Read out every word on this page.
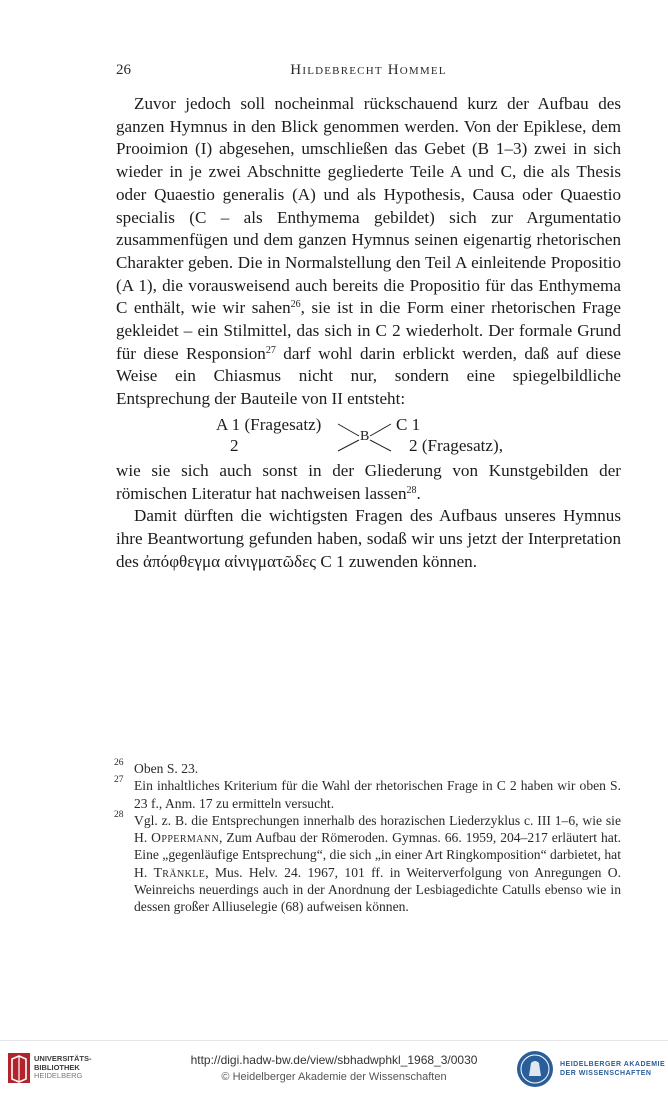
26	Hildebrecht Hommel

Zuvor jedoch soll nocheinmal rückschauend kurz der Aufbau des ganzen Hymnus in den Blick genommen werden. Von der Epiklese, dem Prooimion (I) abgesehen, umschließen das Gebet (B 1–3) zwei in sich wieder in je zwei Abschnitte gegliederte Teile A und C, die als Thesis oder Quaestio generalis (A) und als Hypothesis, Causa oder Quaestio specialis (C – als Enthymema gebildet) sich zur Argumentatio zusammenfügen und dem ganzen Hymnus seinen eigenartig rhetorischen Charakter geben. Die in Normalstellung den Teil A einleitende Propositio (A 1), die vorausweisend auch bereits die Propositio für das Enthymema C enthält, wie wir sahen$^{26}$, sie ist in die Form einer rhetorischen Frage gekleidet – ein Stilmittel, das sich in C 2 wiederholt. Der formale Grund für diese Responsion$^{27}$ darf wohl darin erblickt werden, daß auf diese Weise ein Chiasmus nicht nur, sondern eine spiegelbildliche Entsprechung der Bauteile von II entsteht:

A 1 (Fragesatz)
2	B
C 1
2 (Fragesatz),

wie sie sich auch sonst in der Gliederung von Kunstgebilden der römischen Literatur hat nachweisen lassen$^{28}$.

Damit dürften die wichtigsten Fragen des Aufbaus unseres Hymnus ihre Beantwortung gefunden haben, sodaß wir uns jetzt der Interpretation des ἀπόφθεγμα αἰνιγματῶδες C 1 zuwenden können.

26 Oben S. 23.
27 Ein inhaltliches Kriterium für die Wahl der rhetorischen Frage in C 2 haben wir oben S. 23 f., Anm. 17 zu ermitteln versucht.
28 Vgl. z. B. die Entsprechungen innerhalb des horazischen Liederzyklus c. III 1–6, wie sie H. Oppermann, Zum Aufbau der Römeroden. Gymnas. 66. 1959, 204–217 erläutert hat. Eine „gegenläufige Entsprechung“, die sich „in einer Art Ringkomposition“ darbietet, hat H. Tränkle, Mus. Helv. 24. 1967, 101 ff. in Weiterverfolgung von Anregungen O. Weinreichs neuerdings auch in der Anordnung der Lesbiagedichte Catulls ebenso wie in dessen großer Alliuselegie (68) aufweisen können.
UNIVERSITÄTS-
BIBLIOTHEK
HEIDELBERG
http://digi.hadw-bw.de/view/sbhadwphkl_1968_3/0030
© Heidelberger Akademie der Wissenschaften
HEIDELBERGER AKADEMIE
DER WISSENSCHAFTEN
